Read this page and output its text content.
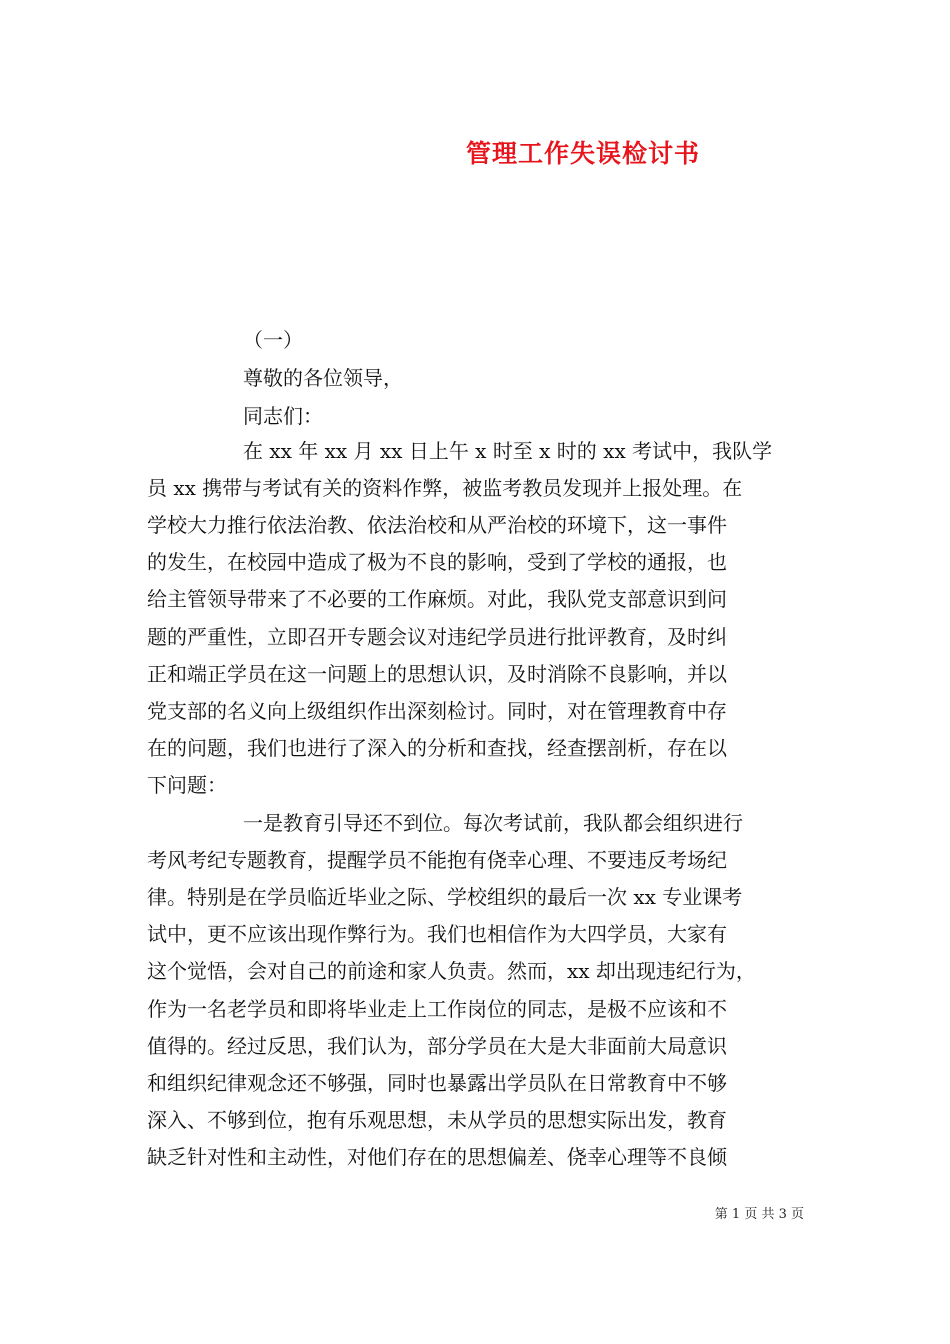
管理工作失误检讨书
（一）
尊敬的各位领导，
同志们：
在 xx 年 xx 月 xx 日上午 x 时至 x 时的 xx 考试中，我队学
员 xx 携带与考试有关的资料作弊，被监考教员发现并上报处理。在
学校大力推行依法治教、依法治校和从严治校的环境下，这一事件
的发生，在校园中造成了极为不良的影响，受到了学校的通报，也
给主管领导带来了不必要的工作麻烦。对此，我队党支部意识到问
题的严重性，立即召开专题会议对违纪学员进行批评教育，及时纠
正和端正学员在这一问题上的思想认识，及时消除不良影响，并以
党支部的名义向上级组织作出深刻检讨。同时，对在管理教育中存
在的问题，我们也进行了深入的分析和查找，经查摆剖析，存在以
下问题：
一是教育引导还不到位。每次考试前，我队都会组织进行
考风考纪专题教育，提醒学员不能抱有侥幸心理、不要违反考场纪
律。特别是在学员临近毕业之际、学校组织的最后一次 xx 专业课考
试中，更不应该出现作弊行为。我们也相信作为大四学员，大家有
这个觉悟，会对自己的前途和家人负责。然而，xx 却出现违纪行为，
作为一名老学员和即将毕业走上工作岗位的同志，是极不应该和不
值得的。经过反思，我们认为，部分学员在大是大非面前大局意识
和组织纪律观念还不够强，同时也暴露出学员队在日常教育中不够
深入、不够到位，抱有乐观思想，未从学员的思想实际出发，教育
缺乏针对性和主动性，对他们存在的思想偏差、侥幸心理等不良倾
第 1 页 共 3 页
